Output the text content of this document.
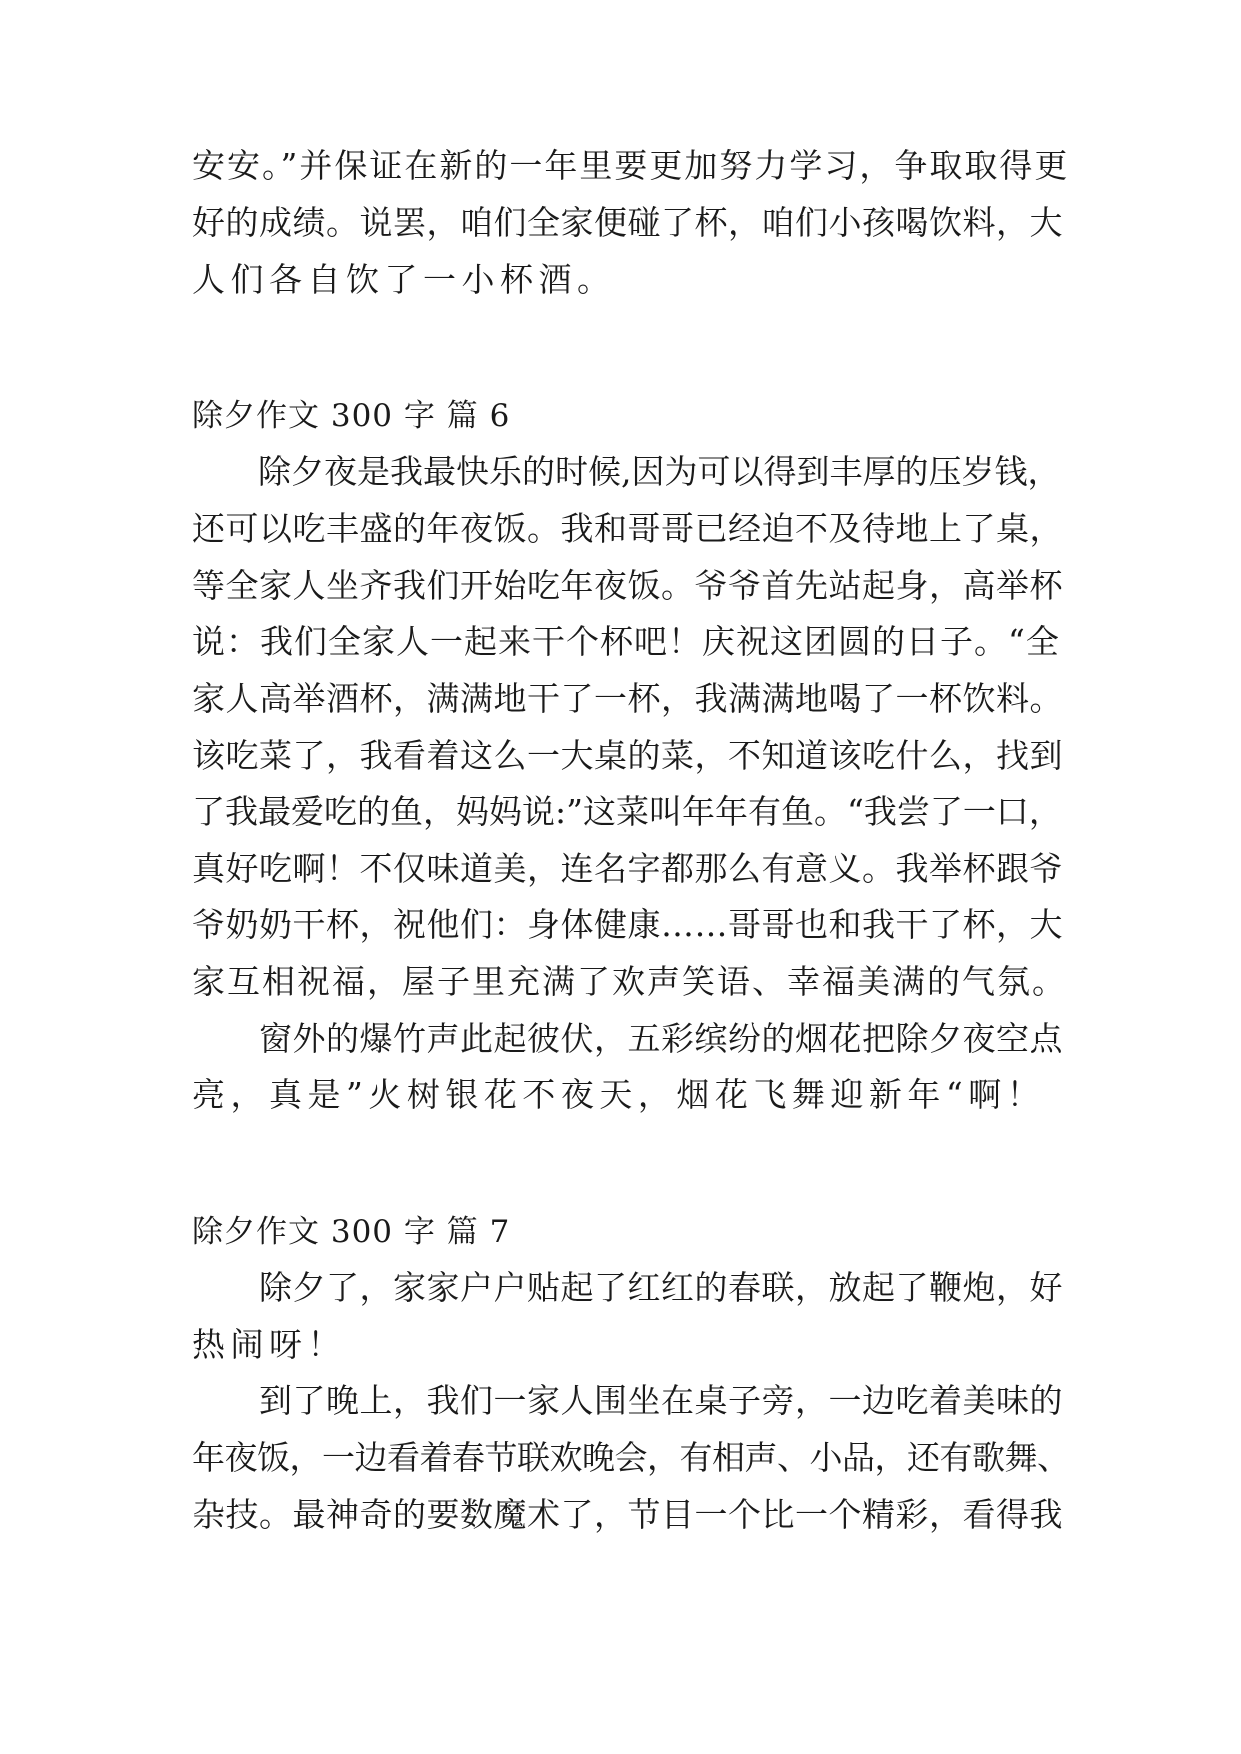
安安。”并保证在新的一年里要更加努力学习，争取取得更
好的成绩。说罢，咱们全家便碰了杯，咱们小孩喝饮料，大
人们各自饮了一小杯酒。
除夕作文 300 字 篇 6
　　除夕夜是我最快乐的时候,因为可以得到丰厚的压岁钱，
还可以吃丰盛的年夜饭。我和哥哥已经迫不及待地上了桌，
等全家人坐齐我们开始吃年夜饭。爷爷首先站起身，高举杯
说：我们全家人一起来干个杯吧！庆祝这团圆的日子。“全
家人高举酒杯，满满地干了一杯，我满满地喝了一杯饮料。
该吃菜了，我看着这么一大桌的菜，不知道该吃什么，找到
了我最爱吃的鱼，妈妈说:”这菜叫年年有鱼。“我尝了一口，
真好吃啊！不仅味道美，连名字都那么有意义。我举杯跟爷
爷奶奶干杯，祝他们：身体健康……哥哥也和我干了杯，大
家互相祝福，屋子里充满了欢声笑语、幸福美满的气氛。
　　窗外的爆竹声此起彼伏，五彩缤纷的烟花把除夕夜空点
亮，真是”火树银花不夜天，烟花飞舞迎新年“啊！
除夕作文 300 字 篇 7
　　除夕了，家家户户贴起了红红的春联，放起了鞭炮，好
热闹呀！
　　到了晚上，我们一家人围坐在桌子旁，一边吃着美味的
年夜饭，一边看着春节联欢晚会，有相声、小品，还有歌舞、
杂技。最神奇的要数魔术了，节目一个比一个精彩，看得我
